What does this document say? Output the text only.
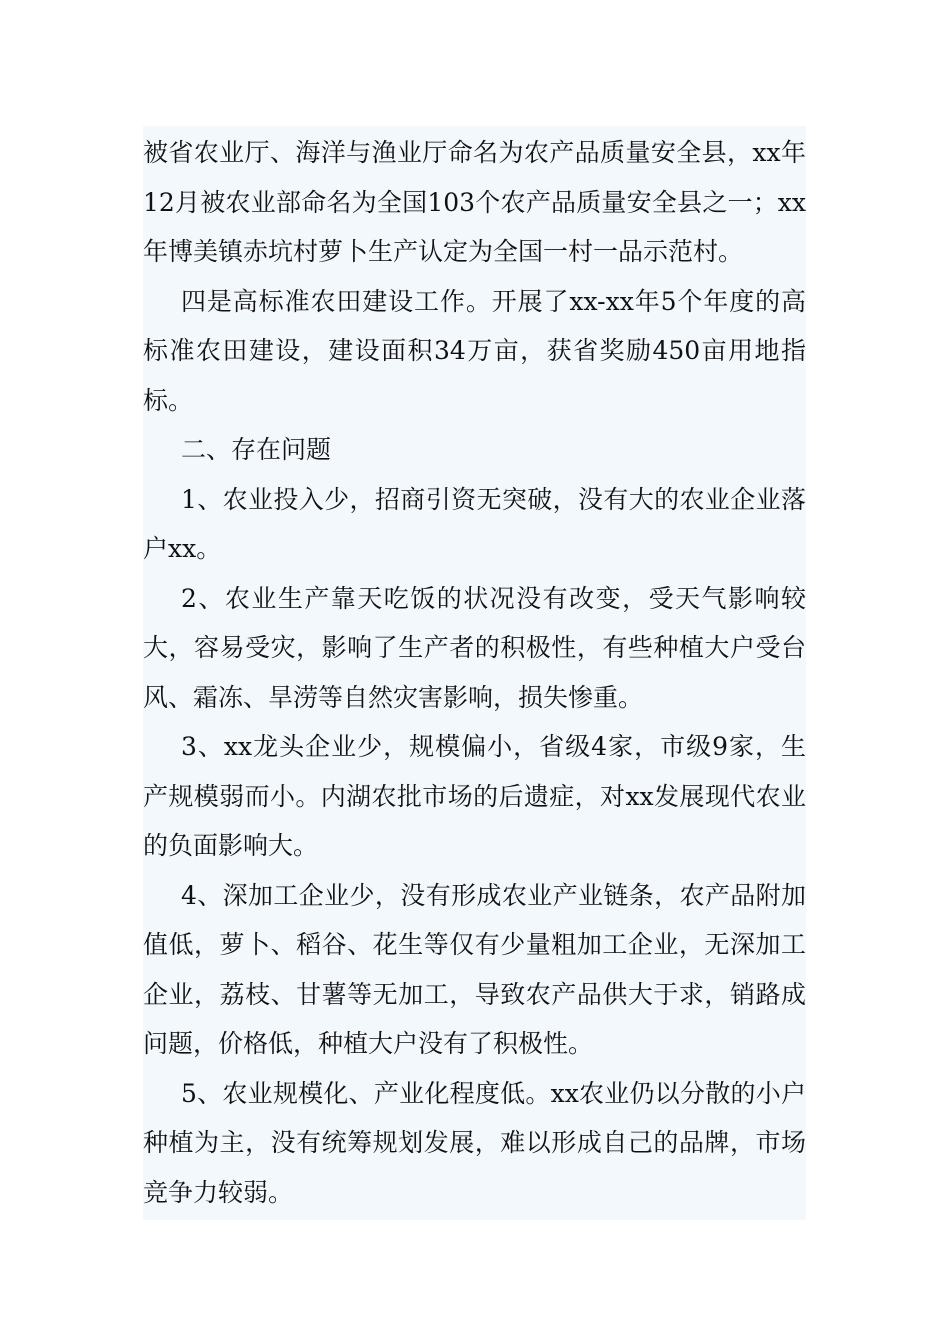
被省农业厅、海洋与渔业厅命名为农产品质量安全县，xx年12月被农业部命名为全国103个农产品质量安全县之一；xx年博美镇赤坑村萝卜生产认定为全国一村一品示范村。

四是高标准农田建设工作。开展了xx-xx年5个年度的高标准农田建设，建设面积34万亩，获省奖励450亩用地指标。

二、存在问题

1、农业投入少，招商引资无突破，没有大的农业企业落户xx。

2、农业生产靠天吃饭的状况没有改变，受天气影响较大，容易受灾，影响了生产者的积极性，有些种植大户受台风、霜冻、旱涝等自然灾害影响，损失惨重。

3、xx龙头企业少，规模偏小，省级4家，市级9家，生产规模弱而小。内湖农批市场的后遗症，对xx发展现代农业的负面影响大。

4、深加工企业少，没有形成农业产业链条，农产品附加值低，萝卜、稻谷、花生等仅有少量粗加工企业，无深加工企业，荔枝、甘薯等无加工，导致农产品供大于求，销路成问题，价格低，种植大户没有了积极性。

5、农业规模化、产业化程度低。xx农业仍以分散的小户种植为主，没有统筹规划发展，难以形成自己的品牌，市场竞争力较弱。
